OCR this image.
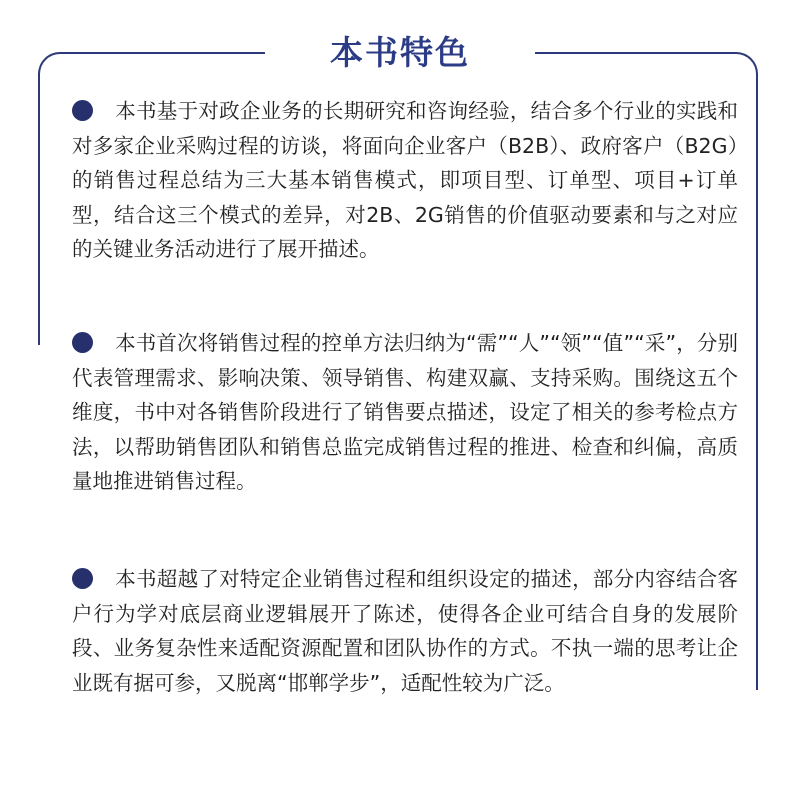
本书特色
本书基于对政企业务的长期研究和咨询经验，结合多个行业的实践和对多家企业采购过程的访谈，将面向企业客户（B2B）、政府客户（B2G）的销售过程总结为三大基本销售模式，即项目型、订单型、项目+订单型，结合这三个模式的差异，对2B、2G销售的价值驱动要素和与之对应的关键业务活动进行了展开描述。
本书首次将销售过程的控单方法归纳为“需”“人”“领”“值”“采”，分别代表管理需求、影响决策、领导销售、构建双赢、支持采购。围绕这五个维度，书中对各销售阶段进行了销售要点描述，设定了相关的参考检点方法，以帮助销售团队和销售总监完成销售过程的推进、检查和纠偏，高质量地推进销售过程。
本书超越了对特定企业销售过程和组织设定的描述，部分内容结合客户行为学对底层商业逻辑展开了陈述，使得各企业可结合自身的发展阶段、业务复杂性来适配资源配置和团队协作的方式。不执一端的思考让企业既有据可参，又脱离“邯郸学步”，适配性较为广泛。
